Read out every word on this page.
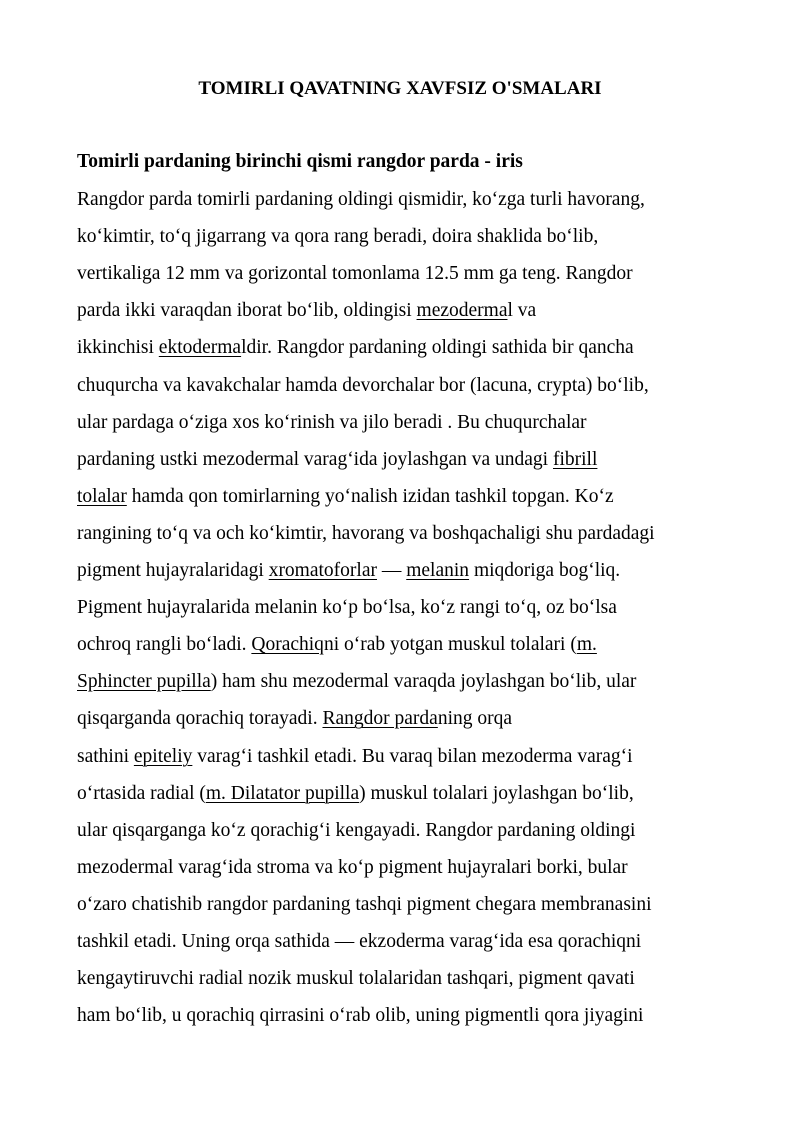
TOMIRLI QAVATNING XAVFSIZ O'SMALARI
Tomirli pardaning birinchi qismi rangdor parda - iris

Rangdor parda tomirli pardaning oldingi qismidir, ko‘zga turli havorang,

ko‘kimtir, to‘q jigarrang va qora rang beradi, doira shaklida bo‘lib,

vertikaliga 12 mm va gorizontal tomonlama 12.5 mm ga teng. Rangdor

parda ikki varaqdan iborat bo‘lib, oldingisi mezodermal va

ikkinchisi ektodermaldir. Rangdor pardaning oldingi sathida bir qancha

chuqurcha va kavakchalar hamda devorchalar bor (lacuna, crypta) bo‘lib,

ular pardaga o‘ziga xos ko‘rinish va jilo beradi . Bu chuqurchalar

pardaning ustki mezodermal varag‘ida joylashgan va undagi fibrill

tolalar hamda qon tomirlarning yo‘nalish izidan tashkil topgan. Ko‘z

rangining to‘q va och ko‘kimtir, havorang va boshqachaligi shu pardadagi

pigment hujayralaridagi xromatoforlar — melanin miqdoriga bog‘liq.

Pigment hujayralarida melanin ko‘p bo‘lsa, ko‘z rangi to‘q, oz bo‘lsa

ochroq rangli bo‘ladi. Qorachiqni o‘rab yotgan muskul tolalari (m.

Sphincter pupilla) ham shu mezodermal varaqda joylashgan bo‘lib, ular

qisqarganda qorachiq torayadi. Rangdor pardaning orqa

sathini epiteliy varag‘i tashkil etadi. Bu varaq bilan mezoderma varag‘i

o‘rtasida radial (m. Dilatator pupilla) muskul tolalari joylashgan bo‘lib,

ular qisqarganga ko‘z qorachig‘i kengayadi. Rangdor pardaning oldingi

mezodermal varag‘ida stroma va ko‘p pigment hujayralari borki, bular

o‘zaro chatishib rangdor pardaning tashqi pigment chegara membranasini

tashkil etadi. Uning orqa sathida — ekzoderma varag‘ida esa qorachiqni

kengaytiruvchi radial nozik muskul tolalaridan tashqari, pigment qavati

ham bo‘lib, u qorachiq qirrasini o‘rab olib, uning pigmentli qora jiyagini
